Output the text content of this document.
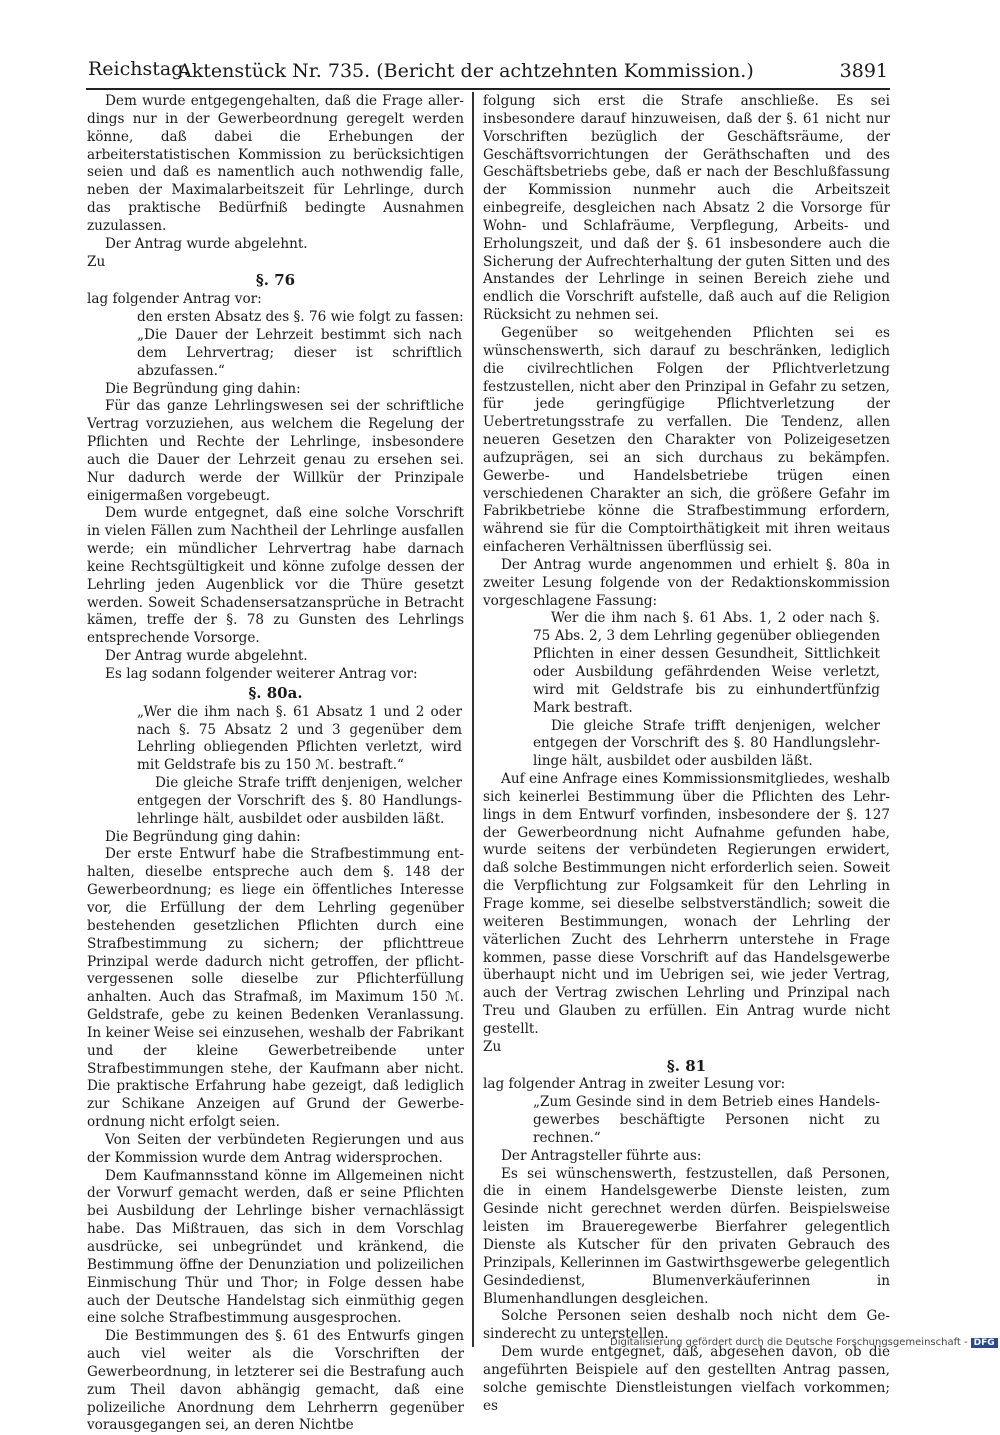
Reichstag.
Aktenstück Nr. 735. (Bericht der achtzehnten Kommission.)	3891

Dem wurde entgegengehalten, daß die Frage allerdings nur in der Gewerbeordnung geregelt werden könne, daß dabei die Erhebungen der arbeiterstatistischen Kommission zu berücksichtigen seien und daß es namentlich auch nothwendig falle, neben der Maximalarbeitszeit für Lehrlinge, durch das praktische Bedürfniß bedingte Ausnahmen zuzulassen.

Der Antrag wurde abgelehnt.

Zu

§. 76

lag folgender Antrag vor:

den ersten Absatz des §. 76 wie folgt zu fassen:

„Die Dauer der Lehrzeit bestimmt sich nach dem Lehrvertrag; dieser ist schriftlich abzufassen.“

Die Begründung ging dahin:

Für das ganze Lehrlingswesen sei der schriftliche Vertrag vorzuziehen, aus welchem die Regelung der Pflichten und Rechte der Lehrlinge, insbesondere auch die Dauer der Lehrzeit genau zu ersehen sei. Nur dadurch werde der Willkür der Prinzipale einigermaßen vorgebeugt.

Dem wurde entgegnet, daß eine solche Vorschrift in vielen Fällen zum Nachtheil der Lehrlinge ausfallen werde; ein mündlicher Lehrvertrag habe darnach keine Rechtsgültigkeit und könne zufolge dessen der Lehrling jeden Augenblick vor die Thüre gesetzt werden. Soweit Schadensersatzansprüche in Betracht kämen, treffe der §. 78 zu Gunsten des Lehrlings entsprechende Vorsorge.

Der Antrag wurde abgelehnt.

Es lag sodann folgender weiterer Antrag vor:

§. 80a.

„Wer die ihm nach §. 61 Absatz 1 und 2 oder nach §. 75 Absatz 2 und 3 gegenüber dem Lehrling obliegenden Pflichten verletzt, wird mit Geldstrafe bis zu 150 ℳ. bestraft.“

Die gleiche Strafe trifft denjenigen, welcher entgegen der Vorschrift des §. 80 Handlungslehrlinge hält, ausbildet oder ausbilden läßt.

Die Begründung ging dahin:

Der erste Entwurf habe die Strafbestimmung enthalten, dieselbe entspreche auch dem §. 148 der Gewerbeordnung; es liege ein öffentliches Interesse vor, die Erfüllung der dem Lehrling gegenüber bestehenden gesetzlichen Pflichten durch eine Strafbestimmung zu sichern; der pflichttreue Prinzipal werde dadurch nicht getroffen, der pflichtvergessenen solle dieselbe zur Pflichterfüllung anhalten. Auch das Strafmaß, im Maximum 150 ℳ. Geldstrafe, gebe zu keinen Bedenken Veranlassung. In keiner Weise sei einzusehen, weshalb der Fabrikant und der kleine Gewerbetreibende unter Strafbestimmungen stehe, der Kaufmann aber nicht. Die praktische Erfahrung habe gezeigt, daß lediglich zur Schikane Anzeigen auf Grund der Gewerbeordnung nicht erfolgt seien.

Von Seiten der verbündeten Regierungen und aus der Kommission wurde dem Antrag widersprochen.

Dem Kaufmannsstand könne im Allgemeinen nicht der Vorwurf gemacht werden, daß er seine Pflichten bei Ausbildung der Lehrlinge bisher vernachlässigt habe. Das Mißtrauen, das sich in dem Vorschlag ausdrücke, sei unbegründet und kränkend, die Bestimmung öffne der Denunziation und polizeilichen Einmischung Thür und Thor; in Folge dessen habe auch der Deutsche Handelstag sich einmüthig gegen eine solche Strafbestimmung ausgesprochen.

Die Bestimmungen des §. 61 des Entwurfs gingen auch viel weiter als die Vorschriften der Gewerbeordnung, in letzterer sei die Bestrafung auch zum Theil davon abhängig gemacht, daß eine polizeiliche Anordnung dem Lehrherrn gegenüber vorausgegangen sei, an deren Nichtbe

folgung sich erst die Strafe anschließe. Es sei insbesondere darauf hinzuweisen, daß der §. 61 nicht nur Vorschriften bezüglich der Geschäftsräume, der Geschäftsvorrichtungen der Geräthschaften und des Geschäftsbetriebs gebe, daß er nach der Beschlußfassung der Kommission nunmehr auch die Arbeitszeit einbegreife, desgleichen nach Absatz 2 die Vorsorge für Wohn- und Schlafräume, Verpflegung, Arbeits- und Erholungszeit, und daß der §. 61 insbesondere auch die Sicherung der Aufrechterhaltung der guten Sitten und des Anstandes der Lehrlinge in seinen Bereich ziehe und endlich die Vorschrift aufstelle, daß auch auf die Religion Rücksicht zu nehmen sei.

Gegenüber so weitgehenden Pflichten sei es wünschenswerth, sich darauf zu beschränken, lediglich die civilrechtlichen Folgen der Pflichtverletzung festzustellen, nicht aber den Prinzipal in Gefahr zu setzen, für jede geringfügige Pflichtverletzung der Uebertretungsstrafe zu verfallen. Die Tendenz, allen neueren Gesetzen den Charakter von Polizeigesetzen aufzuprägen, sei an sich durchaus zu bekämpfen. Gewerbe- und Handelsbetriebe trügen einen verschiedenen Charakter an sich, die größere Gefahr im Fabrikbetriebe könne die Strafbestimmung erfordern, während sie für die Comptoirthätigkeit mit ihren weitaus einfacheren Verhältnissen überflüssig sei.

Der Antrag wurde angenommen und erhielt §. 80a in zweiter Lesung folgende von der Redaktionskommission vorgeschlagene Fassung:

Wer die ihm nach §. 61 Abs. 1, 2 oder nach §. 75 Abs. 2, 3 dem Lehrling gegenüber obliegenden Pflichten in einer dessen Gesundheit, Sittlichkeit oder Ausbildung gefährdenden Weise verletzt, wird mit Geldstrafe bis zu einhundertfünfzig Mark bestraft.

Die gleiche Strafe trifft denjenigen, welcher entgegen der Vorschrift des §. 80 Handlungslehrlinge hält, ausbildet oder ausbilden läßt.

Auf eine Anfrage eines Kommissionsmitgliedes, weshalb sich keinerlei Bestimmung über die Pflichten des Lehrlings in dem Entwurf vorfinden, insbesondere der §. 127 der Gewerbeordnung nicht Aufnahme gefunden habe, wurde seitens der verbündeten Regierungen erwidert, daß solche Bestimmungen nicht erforderlich seien. Soweit die Verpflichtung zur Folgsamkeit für den Lehrling in Frage komme, sei dieselbe selbstverständlich; soweit die weiteren Bestimmungen, wonach der Lehrling der väterlichen Zucht des Lehrherrn unterstehe in Frage kommen, passe diese Vorschrift auf das Handelsgewerbe überhaupt nicht und im Uebrigen sei, wie jeder Vertrag, auch der Vertrag zwischen Lehrling und Prinzipal nach Treu und Glauben zu erfüllen. Ein Antrag wurde nicht gestellt.

Zu

§. 81

lag folgender Antrag in zweiter Lesung vor:

„Zum Gesinde sind in dem Betrieb eines Handelsgewerbes beschäftigte Personen nicht zu rechnen.“

Der Antragsteller führte aus:

Es sei wünschenswerth, festzustellen, daß Personen, die in einem Handelsgewerbe Dienste leisten, zum Gesinde nicht gerechnet werden dürfen. Beispielsweise leisten im Braueregewerbe Bierfahrer gelegentlich Dienste als Kutscher für den privaten Gebrauch des Prinzipals, Kellerinnen im Gastwirthsgewerbe gelegentlich Gesindedienst, Blumenverkäuferinnen in Blumenhandlungen desgleichen.

Solche Personen seien deshalb noch nicht dem Gesinderecht zu unterstellen.

Dem wurde entgegnet, daß, abgesehen davon, ob die angeführten Beispiele auf den gestellten Antrag passen, solche gemischte Dienstleistungen vielfach vorkommen; es

Digitalisierung gefördert durch die Deutsche Forschungsgemeinschaft - DFG
